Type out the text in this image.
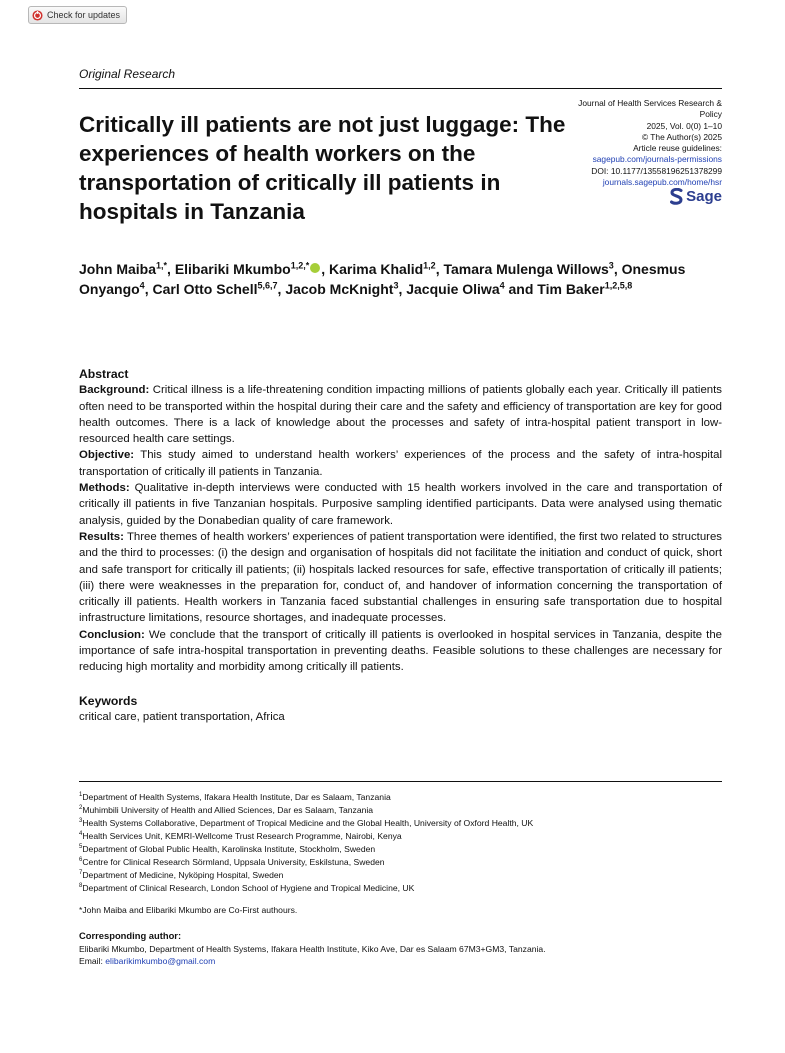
Check for updates
Original Research
Journal of Health Services Research & Policy
2025, Vol. 0(0) 1–10
© The Author(s) 2025
Article reuse guidelines:
sagepub.com/journals-permissions
DOI: 10.1177/13558196251378299
journals.sagepub.com/home/hsr
Sage
Critically ill patients are not just luggage: The experiences of health workers on the transportation of critically ill patients in hospitals in Tanzania

John Maiba$^{1,*}$, Elibariki Mkumbo$^{1,2,*}$ , Karima Khalid$^{1,2}$, Tamara Mulenga Willows$^3$, Onesmus Onyango$^4$, Carl Otto Schell$^{5,6,7}$, Jacob McKnight$^3$, Jacquie Oliwa$^4$ and Tim Baker$^{1,2,5,8}$

Abstract

Background: Critical illness is a life-threatening condition impacting millions of patients globally each year. Critically ill patients often need to be transported within the hospital during their care and the safety and efficiency of transportation are key for good health outcomes. There is a lack of knowledge about the processes and safety of intra-hospital patient transport in low-resourced health care settings.

Objective: This study aimed to understand health workers’ experiences of the process and the safety of intra-hospital transportation of critically ill patients in Tanzania.

Methods: Qualitative in-depth interviews were conducted with 15 health workers involved in the care and transportation of critically ill patients in five Tanzanian hospitals. Purposive sampling identified participants. Data were analysed using thematic analysis, guided by the Donabedian quality of care framework.

Results: Three themes of health workers’ experiences of patient transportation were identified, the first two related to structures and the third to processes: (i) the design and organisation of hospitals did not facilitate the initiation and conduct of quick, short and safe transport for critically ill patients; (ii) hospitals lacked resources for safe, effective transportation of critically ill patients; (iii) there were weaknesses in the preparation for, conduct of, and handover of information concerning the transportation of critically ill patients. Health workers in Tanzania faced substantial challenges in ensuring safe transportation due to hospital infrastructure limitations, resource shortages, and inadequate processes.

Conclusion: We conclude that the transport of critically ill patients is overlooked in hospital services in Tanzania, despite the importance of safe intra-hospital transportation in preventing deaths. Feasible solutions to these challenges are necessary for reducing high mortality and morbidity among critically ill patients.

Keywords

critical care, patient transportation, Africa

$^1$Department of Health Systems, Ifakara Health Institute, Dar es Salaam, Tanzania
$^2$Muhimbili University of Health and Allied Sciences, Dar es Salaam, Tanzania
$^3$Health Systems Collaborative, Department of Tropical Medicine and the Global Health, University of Oxford Health, UK
$^4$Health Services Unit, KEMRI-Wellcome Trust Research Programme, Nairobi, Kenya
$^5$Department of Global Public Health, Karolinska Institute, Stockholm, Sweden
$^6$Centre for Clinical Research Sörmland, Uppsala University, Eskilstuna, Sweden
$^7$Department of Medicine, Nyköping Hospital, Sweden
$^8$Department of Clinical Research, London School of Hygiene and Tropical Medicine, UK
*John Maiba and Elibariki Mkumbo are Co-First authours.
Corresponding author:
Elibariki Mkumbo, Department of Health Systems, Ifakara Health Institute, Kiko Ave, Dar es Salaam 67M3+GM3, Tanzania.
Email: elibarikimkumbo@gmail.com
